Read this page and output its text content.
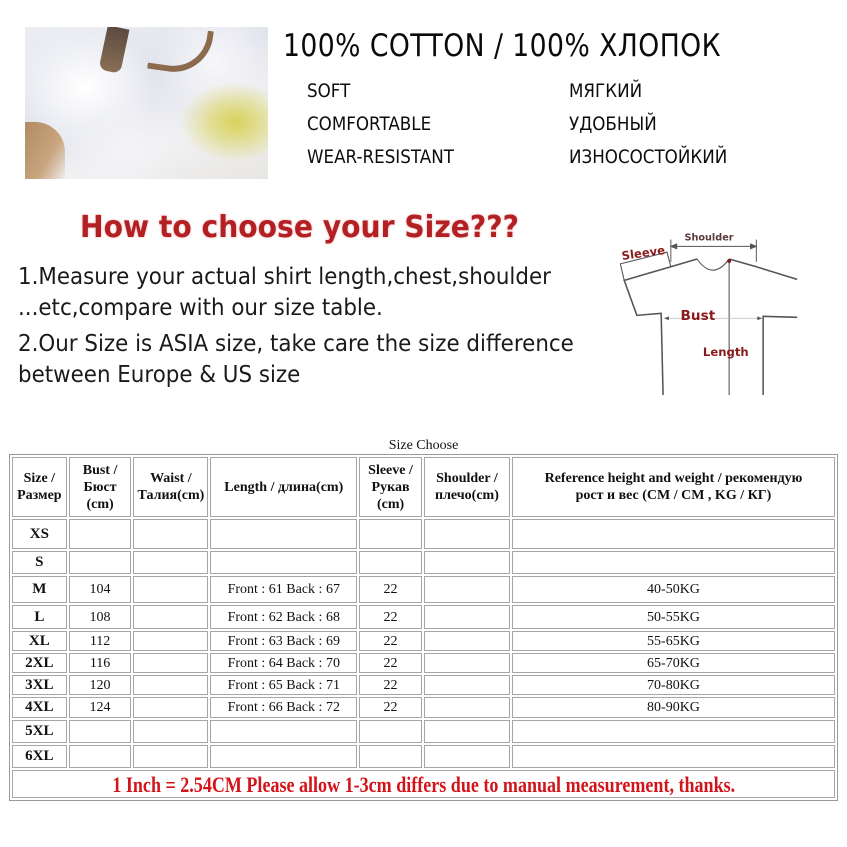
100% COTTON / 100% ХЛОПОК
SOFT
COMFORTABLE
WEAR-RESISTANT
МЯГКИЙ
УДОБНЫЙ
ИЗНОСОСТОЙКИЙ
How to choose your Size???
1.Measure your actual shirt length,chest,shoulder
...etc,compare with our size table.
2.Our Size is ASIA size, take care the size difference
between Europe & US size
Shoulder
Sleeve
Bust
Length
Size Choose
Size /
Размер	Bust /
Бюст
(cm)	Waist /
Талия(cm)	Length / длина(cm)	Sleeve /
Рукав
(cm)	Shoulder /
плечо(cm)	Reference height and weight / рекомендую
рост и вес (CM / CM , KG / КГ)
XS						
S						
M	104		Front : 61 Back : 67	22		40-50KG
L	108		Front : 62 Back : 68	22		50-55KG
XL	112		Front : 63 Back : 69	22		55-65KG
2XL	116		Front : 64 Back : 70	22		65-70KG
3XL	120		Front : 65 Back : 71	22		70-80KG
4XL	124		Front : 66 Back : 72	22		80-90KG
5XL						
6XL						
1 Inch = 2.54CM Please allow 1-3cm differs due to manual measurement, thanks.						
